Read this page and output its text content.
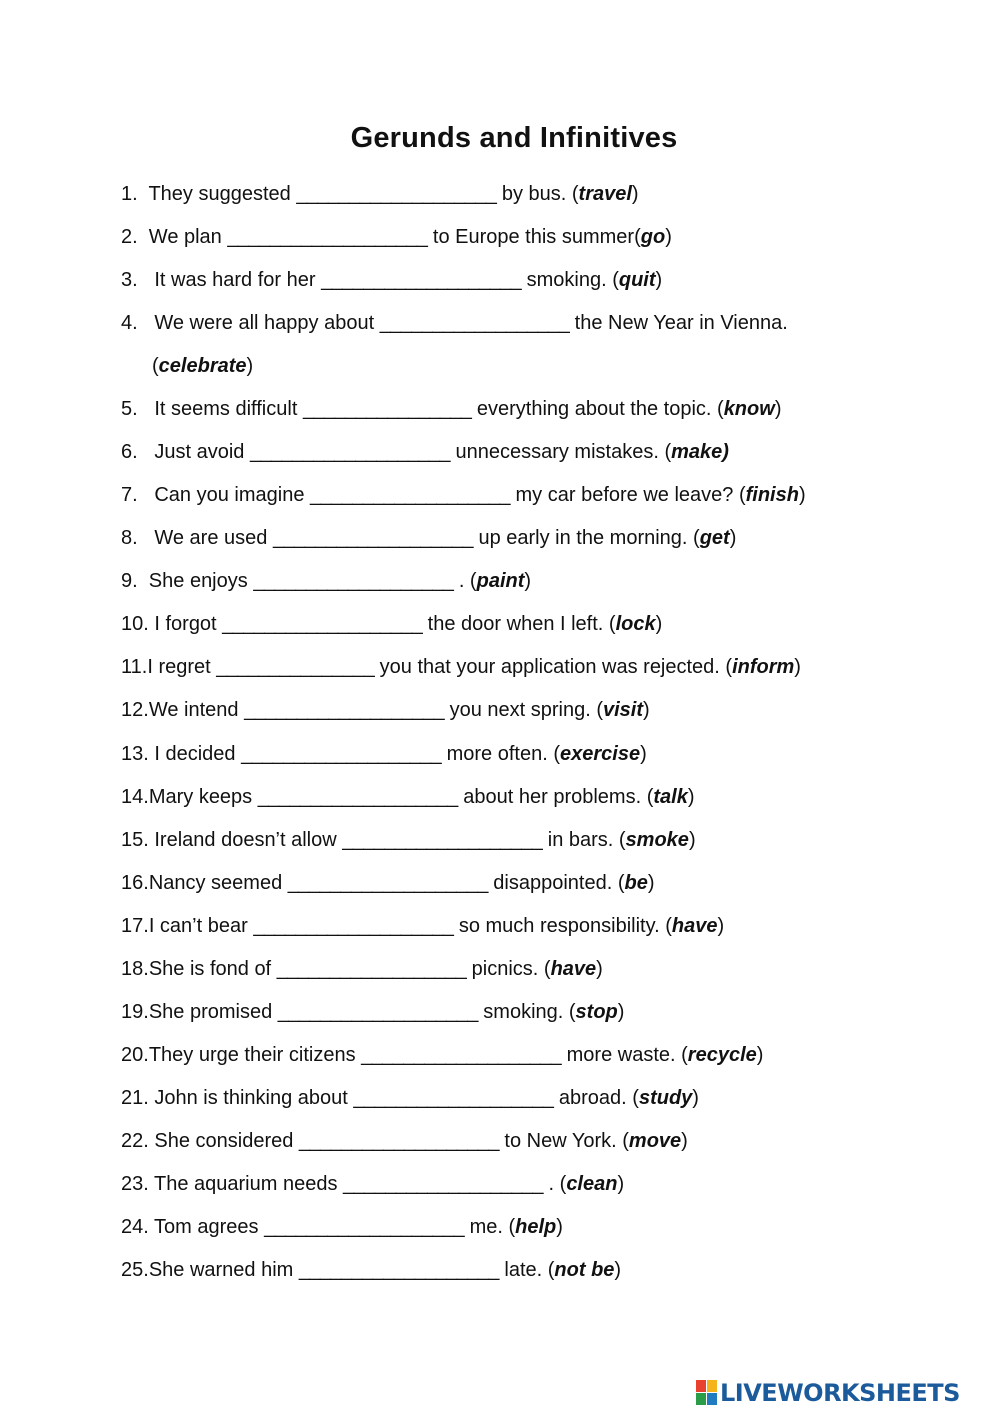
Gerunds and Infinitives
1.  They suggested ___________________ by bus. (travel)
2.  We plan ___________________ to Europe this summer(go)
3.   It was hard for her ___________________ smoking. (quit)
4.   We were all happy about __________________ the New Year in Vienna.
(celebrate)
5.   It seems difficult ________________ everything about the topic. (know)
6.   Just avoid ___________________ unnecessary mistakes. (make)
7.   Can you imagine ___________________ my car before we leave? (finish)
8.   We are used ___________________ up early in the morning. (get)
9.  She enjoys ___________________ . (paint)
10. I forgot ___________________ the door when I left. (lock)
11.I regret _______________ you that your application was rejected. (inform)
12.We intend ___________________ you next spring. (visit)
13. I decided ___________________ more often. (exercise)
14.Mary keeps ___________________ about her problems. (talk)
15. Ireland doesn’t allow ___________________ in bars. (smoke)
16.Nancy seemed ___________________ disappointed. (be)
17.I can’t bear ___________________ so much responsibility. (have)
18.She is fond of __________________ picnics. (have)
19.She promised ___________________ smoking. (stop)
20.They urge their citizens ___________________ more waste. (recycle)
21. John is thinking about ___________________ abroad. (study)
22. She considered ___________________ to New York. (move)
23. The aquarium needs ___________________ . (clean)
24. Tom agrees ___________________ me. (help)
25.She warned him ___________________ late. (not be)
LIVEWORKSHEETS
